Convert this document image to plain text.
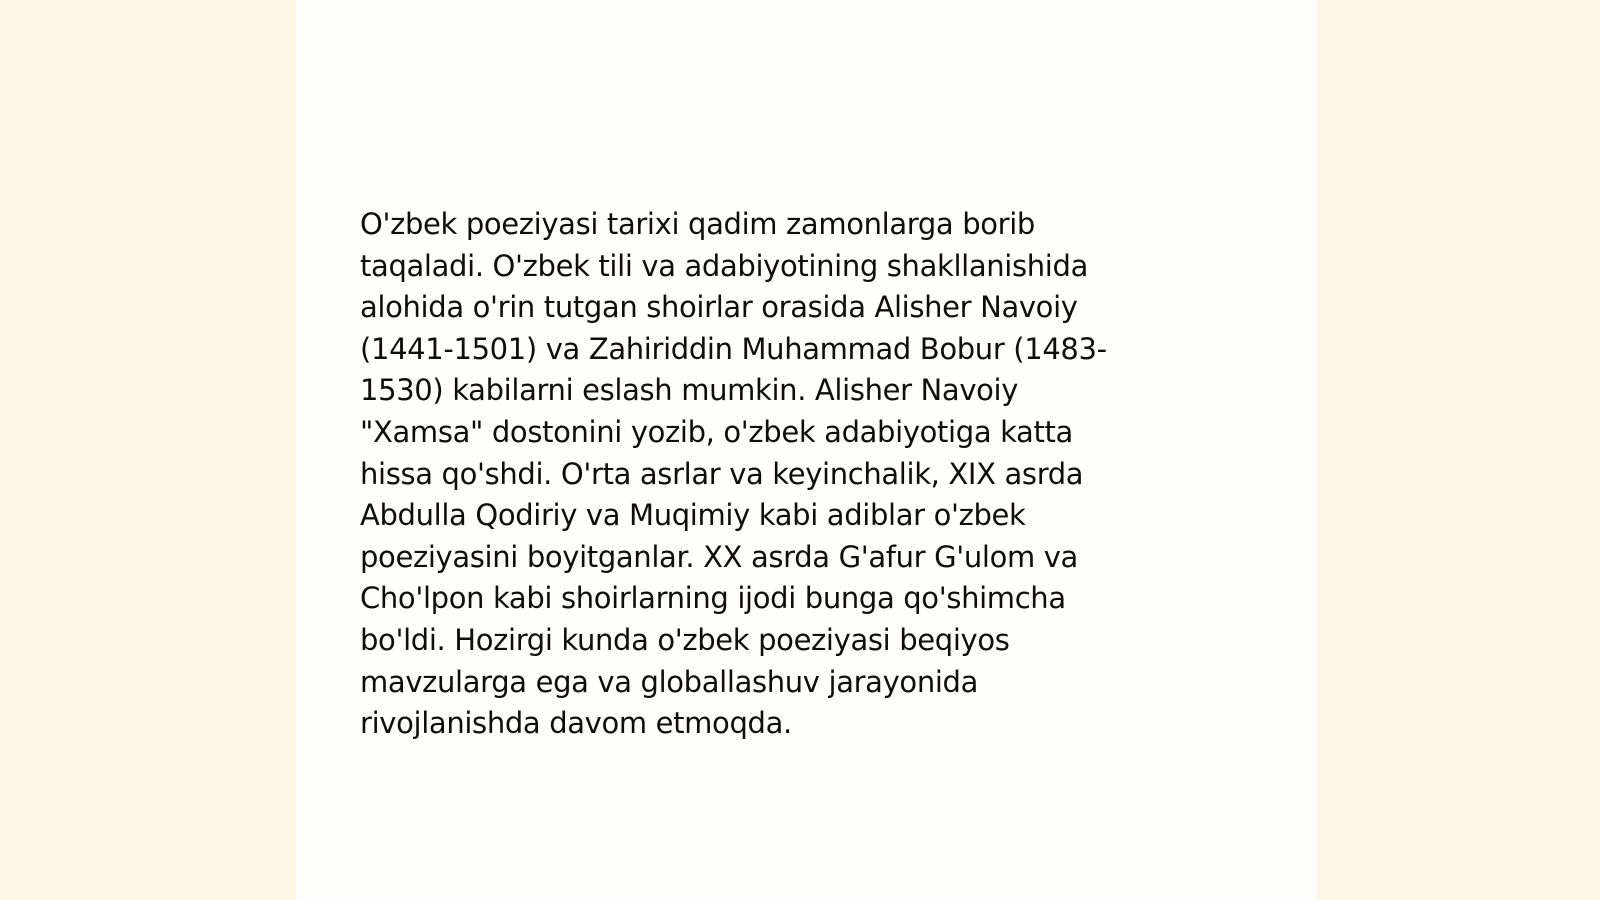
O'zbek poeziyasi tarixi qadim zamonlarga borib
taqaladi. O'zbek tili va adabiyotining shakllanishida
alohida o'rin tutgan shoirlar orasida Alisher Navoiy
(1441-1501) va Zahiriddin Muhammad Bobur (1483-
1530) kabilarni eslash mumkin. Alisher Navoiy
"Xamsa" dostonini yozib, o'zbek adabiyotiga katta
hissa qo'shdi. O'rta asrlar va keyinchalik, XIX asrda
Abdulla Qodiriy va Muqimiy kabi adiblar o'zbek
poeziyasini boyitganlar. XX asrda G'afur G'ulom va
Cho'lpon kabi shoirlarning ijodi bunga qo'shimcha
bo'ldi. Hozirgi kunda o'zbek poeziyasi beqiyos
mavzularga ega va globallashuv jarayonida
rivojlanishda davom etmoqda.
